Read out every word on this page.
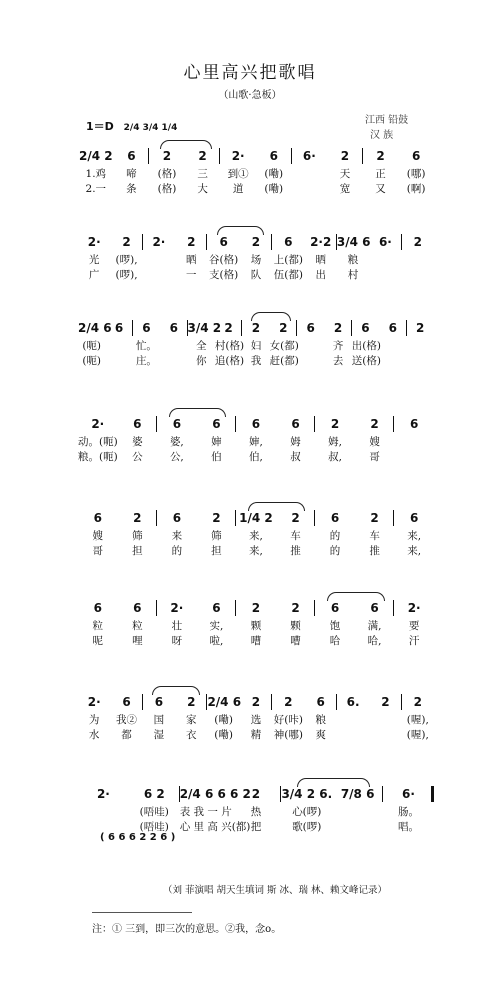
心里高兴把歌唱
（山歌·急板）
1＝D 2/4 3/4 1/4
江西 铅鼓
汉 族
2/4 2	6	2	2	2·	6	6·	2	2	6
1.鸡	啼	(格)	三	到①	(嘞)	天	正	(哪)
2.一	条	(格)	大	道	(嘞)	宽	又	(啊)
2·	2	2·	2	6	2	6	2·2 3/4 6 6·	2
光	(啰),	晒	谷(格)	场	上(都)	晒	粮
广	(啰),	一	支(格)	队	伍(都)	出	村
2/4 6 6	6	6 3/4 2 2	2	2	6	2	6	6	2
(呃)	忙。	全 村(格) 妇 女(都)	齐 出(格)
(呃)	庄。	你 追(格) 我 赶(都)	去 送(格)
2·	6	6	6	6	6	2	2	6
动。(呃)	婆	婆,	婶	婶,	姆	姆,	嫂
粮。(呃)	公	公,	伯	伯,	叔	叔,	哥
6	2	6	2	1/4 2	2	6	2	6
嫂	筛	来	筛	来,	车	的	车	来,
哥	担	的	担	来,	推	的	推	来,
6	6	2·	6	2	2	6	6	2·
粒	粒	壮	实,	颗	颗	饱	满,	要
呢	哩	呀	啦,	嘈	嘈	哈	哈,	汗
2·	6	6	2	2/4 6 2	2	6	6.	2	2
为	我②	国	家	(嘞)	选	好(咔)	粮	(喔),
水	都	湿	衣	(嘞)	精	神(哪)	爽	(喔),
2·	6 2	2/4 6 6 6 2 2	3/4 2 6. 7/8 6	6·
(唔哇)	表 我 一 片	热	心(啰)	肠。
(唔哇)	心 里 高 兴(都) 把	歌(啰)	唱。
( 6 6 6 2 2 6 )
（刘 菲演唱 胡天生填词 斯 冰、瑞 林、赖文峰记录）
注：① 三到，即三次的意思。②我，念o。
